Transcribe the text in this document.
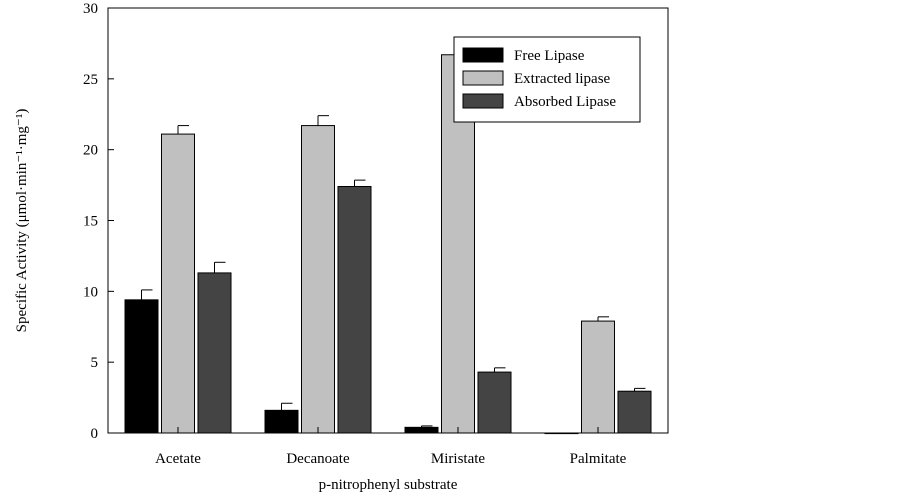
0
5
10
15
20
25
30
Acetate	Decanoate	Miristate	Palmitate
p-nitrophenyl substrate
Specific Activity (μmol·min⁻¹·mg⁻¹)
Free Lipase
Extracted lipase
Absorbed Lipase
